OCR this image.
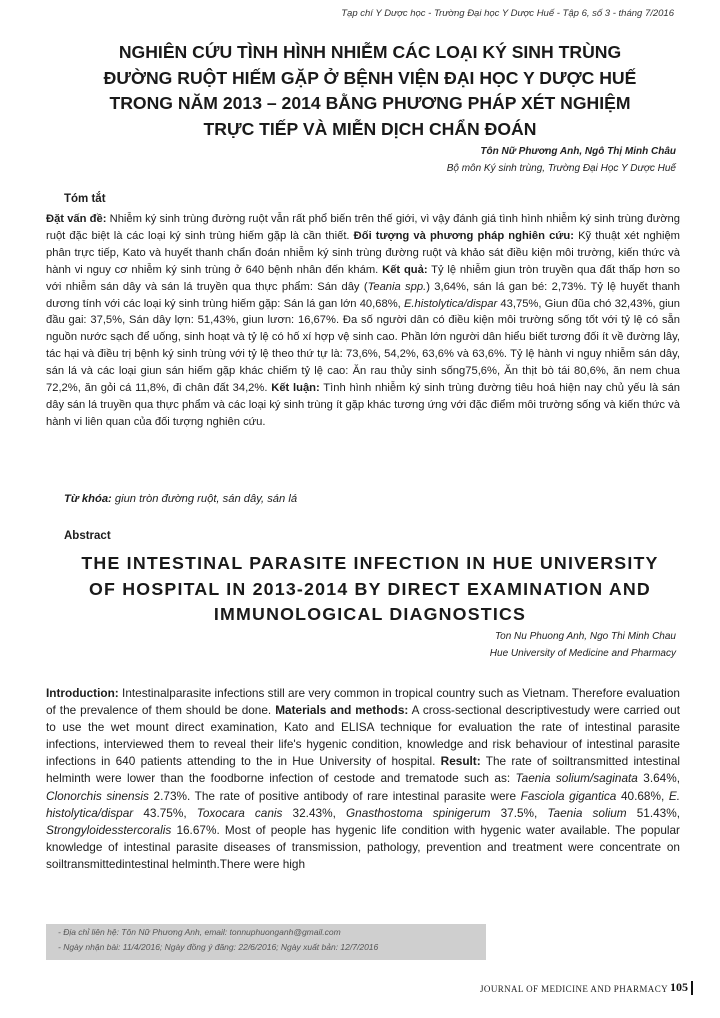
Tạp chí Y Dược học - Trường Đại học Y Dược Huế - Tập 6, số 3 - tháng 7/2016
NGHIÊN CỨU TÌNH HÌNH NHIỄM CÁC LOẠI KÝ SINH TRÙNG
ĐƯỜNG RUỘT HIẾM GẶP Ở BỆNH VIỆN ĐẠI HỌC Y DƯỢC HUẾ
TRONG NĂM 2013 – 2014 BẰNG PHƯƠNG PHÁP XÉT NGHIỆM
TRỰC TIẾP VÀ MIỄN DỊCH CHẨN ĐOÁN
Tôn Nữ Phương Anh, Ngô Thị Minh Châu
Bộ môn Ký sinh trùng, Trường Đại Học Y Dược Huế
Tóm tắt

Đặt vấn đề: Nhiễm ký sinh trùng đường ruột vẫn rất phổ biến trên thế giới, vì vậy đánh giá tình hình nhiễm ký sinh trùng đường ruột đặc biệt là các loại ký sinh trùng hiếm gặp là cần thiết. Đối tượng và phương pháp nghiên cứu: Kỹ thuật xét nghiệm phân trực tiếp, Kato và huyết thanh chẩn đoán nhiễm ký sinh trùng đường ruột và khảo sát điều kiện môi trường, kiến thức và hành vi nguy cơ nhiễm ký sinh trùng ở 640 bệnh nhân đến khám. Kết quả: Tỷ lệ nhiễm giun tròn truyền qua đất thấp hơn so với nhiễm sán dây và sán lá truyền qua thực phẩm: Sán dây (Teania spp.) 3,64%, sán lá gan bé: 2,73%. Tỷ lệ huyết thanh dương tính với các loại ký sinh trùng hiếm gặp: Sán lá gan lớn 40,68%, E.histolytica/dispar 43,75%, Giun đũa chó 32,43%, giun đầu gai: 37,5%, Sán dây lợn: 51,43%, giun lươn: 16,67%. Đa số người dân có điều kiện môi trường sống tốt với tỷ lệ có sẵn nguồn nước sạch để uống, sinh hoạt và tỷ lệ có hố xí hợp vệ sinh cao. Phần lớn người dân hiểu biết tương đối ít về đường lây, tác hại và điều trị bệnh ký sinh trùng với tỷ lệ theo thứ tự là: 73,6%, 54,2%, 63,6% và 63,6%. Tỷ lệ hành vi nguy nhiễm sán dây, sán lá và các loại giun sán hiếm gặp khác chiếm tỷ lệ cao: Ăn rau thủy sinh sống75,6%, Ăn thịt bò tái 80,6%, ăn nem chua 72,2%, ăn gỏi cá 11,8%, đi chân đất 34,2%. Kết luận: Tình hình nhiễm ký sinh trùng đường tiêu hoá hiện nay chủ yếu là sán dây sán lá truyền qua thực phẩm và các loại ký sinh trùng ít gặp khác tương ứng với đặc điểm môi trường sống và kiến thức và hành vi liên quan của đối tượng nghiên cứu.

Từ khóa: giun tròn đường ruột, sán dây, sán lá

Abstract
THE INTESTINAL PARASITE INFECTION IN HUE UNIVERSITY
OF HOSPITAL IN 2013-2014 BY DIRECT EXAMINATION AND
IMMUNOLOGICAL DIAGNOSTICS
Ton Nu Phuong Anh, Ngo Thi Minh Chau
Hue University of Medicine and Pharmacy

Introduction: Intestinalparasite infections still are very common in tropical country such as Vietnam. Therefore evaluation of the prevalence of them should be done. Materials and methods: A cross-sectional descriptivestudy were carried out to use the wet mount direct examination, Kato and ELISA technique for evaluation the rate of intestinal parasite infections, interviewed them to reveal their life's hygenic condition, knowledge and risk behaviour of intestinal parasite infections in 640 patients attending to the in Hue University of hospital. Result: The rate of soiltransmitted intestinal helminth were lower than the foodborne infection of cestode and trematode such as: Taenia solium/saginata 3.64%, Clonorchis sinensis 2.73%. The rate of positive antibody of rare intestinal parasite were Fasciola gigantica 40.68%, E. histolytica/dispar 43.75%, Toxocara canis 32.43%, Gnasthostoma spinigerum 37.5%, Taenia solium 51.43%, Strongyloidesstercoralis 16.67%. Most of people has hygenic life condition with hygenic water available. The popular knowledge of intestinal parasite diseases of transmission, pathology, prevention and treatment were concentrate on soiltransmittedintestinal helminth.There were high

- Địa chỉ liên hệ: Tôn Nữ Phương Anh, email: tonnuphuonganh@gmail.com
- Ngày nhận bài: 11/4/2016; Ngày đồng ý đăng: 22/6/2016; Ngày xuất bản: 12/7/2016
JOURNAL OF MEDICINE AND PHARMACY 105
